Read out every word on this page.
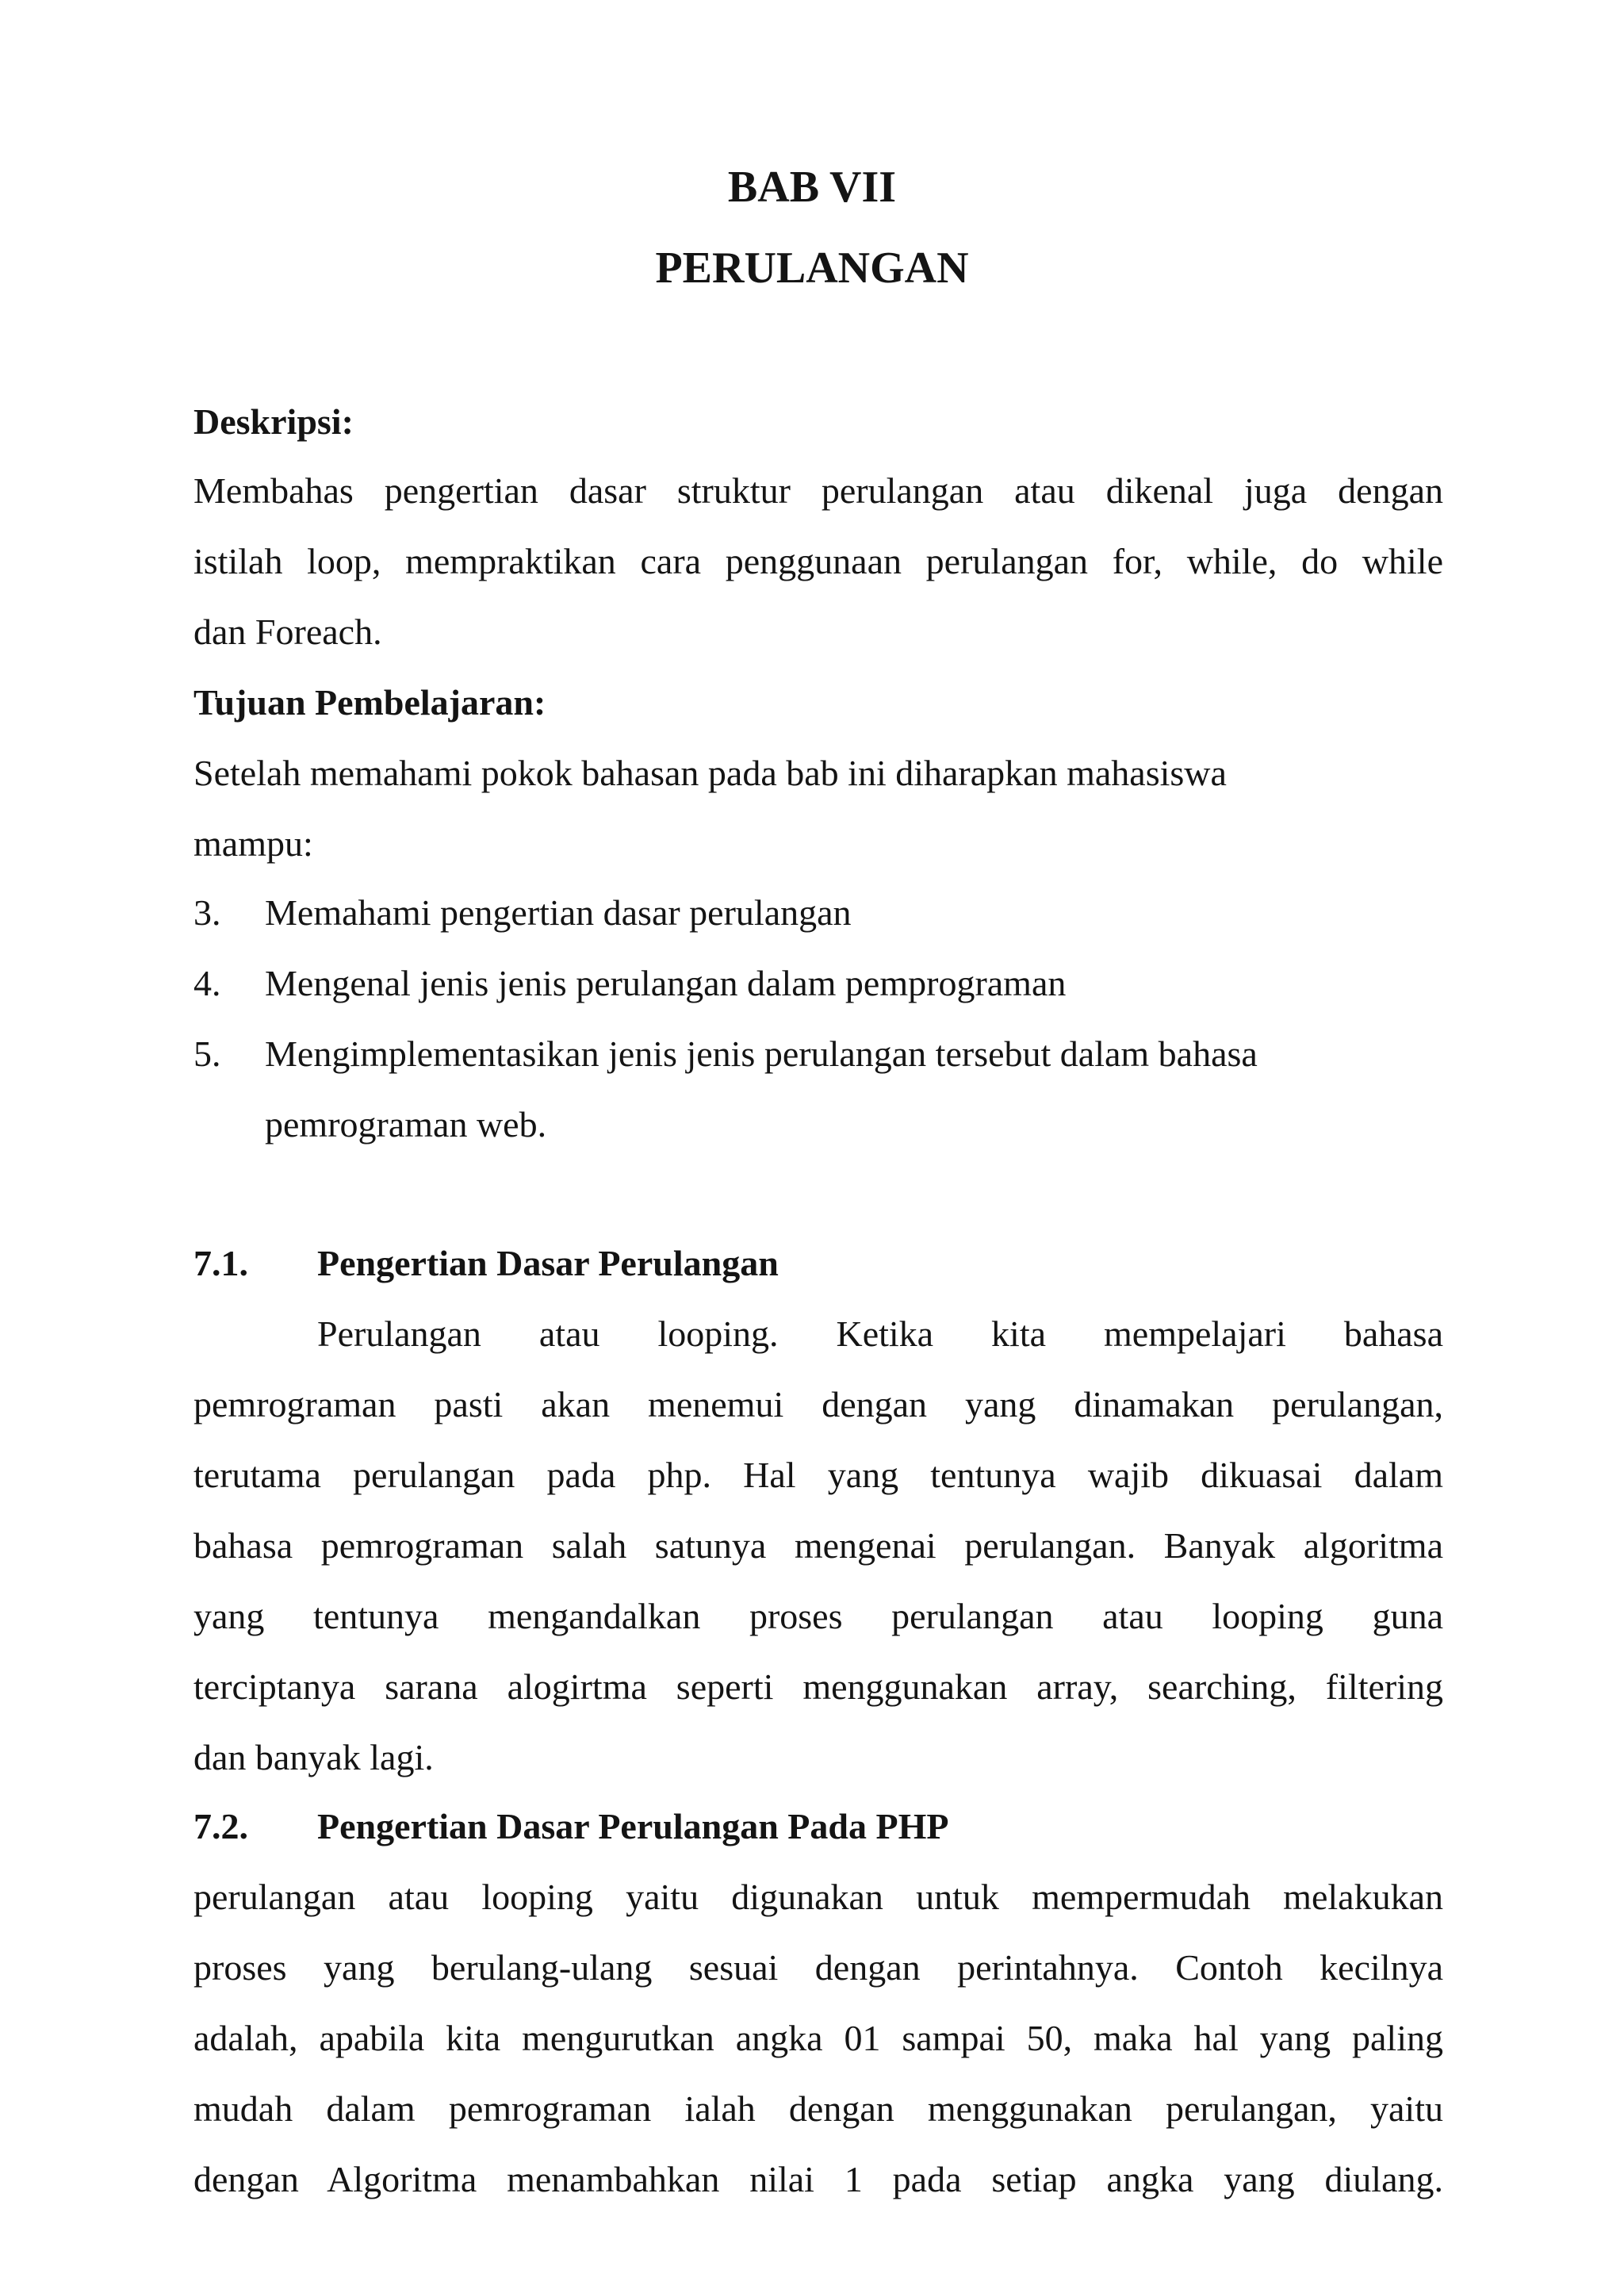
BAB VII
PERULANGAN

Deskripsi:

Membahas pengertian dasar struktur perulangan atau dikenal juga dengan

istilah loop, mempraktikan cara penggunaan perulangan for, while, do while

dan Foreach.

Tujuan Pembelajaran:

Setelah memahami pokok bahasan pada bab ini diharapkan mahasiswa

mampu:

3. Memahami pengertian dasar perulangan

4. Mengenal jenis jenis perulangan dalam pemprograman

5. Mengimplementasikan jenis jenis perulangan tersebut dalam bahasa

pemrograman web.

7.1. Pengertian Dasar Perulangan

Perulangan atau looping. Ketika kita mempelajari bahasa

pemrograman pasti akan menemui dengan yang dinamakan perulangan,

terutama perulangan pada php. Hal yang tentunya wajib dikuasai dalam

bahasa pemrograman salah satunya mengenai perulangan. Banyak algoritma

yang tentunya mengandalkan proses perulangan atau looping guna

terciptanya sarana alogirtma seperti menggunakan array, searching, filtering

dan banyak lagi.

7.2. Pengertian Dasar Perulangan Pada PHP

perulangan atau looping yaitu digunakan untuk mempermudah melakukan

proses yang berulang-ulang sesuai dengan perintahnya. Contoh kecilnya

adalah, apabila kita mengurutkan angka 01 sampai 50, maka hal yang paling

mudah dalam pemrograman ialah dengan menggunakan perulangan, yaitu

dengan Algoritma menambahkan nilai 1 pada setiap angka yang diulang.
